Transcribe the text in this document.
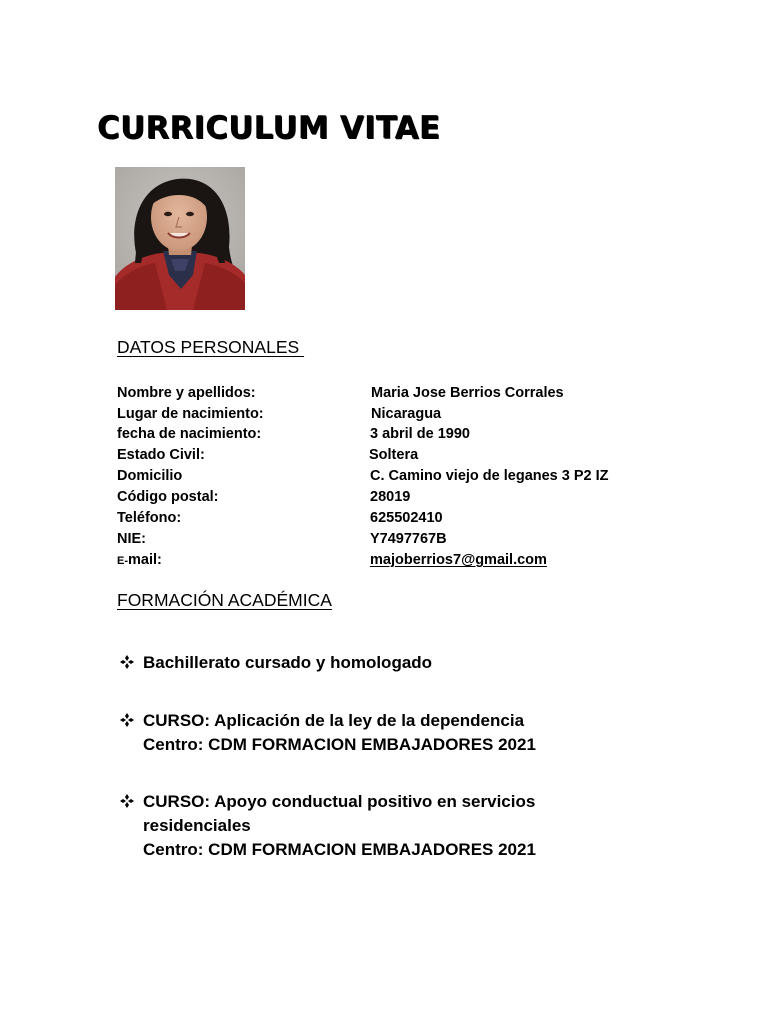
CURRICULUM VITAE
DATOS PERSONALES
Nombre y apellidos:	Maria Jose Berrios Corrales
Lugar de nacimiento:	Nicaragua
fecha de nacimiento:	3 abril de 1990
Estado Civil:	Soltera
Domicilio	C. Camino viejo de leganes 3 P2 IZ
Código postal:	28019
Teléfono:	625502410
NIE:	Y7497767B
E-mail:	majoberrios7@gmail.com
FORMACIÓN ACADÉMICA
Bachillerato cursado y homologado
CURSO: Aplicación de la ley de la dependencia
Centro: CDM FORMACION EMBAJADORES 2021
CURSO: Apoyo conductual positivo en servicios
residenciales
Centro: CDM FORMACION EMBAJADORES 2021
